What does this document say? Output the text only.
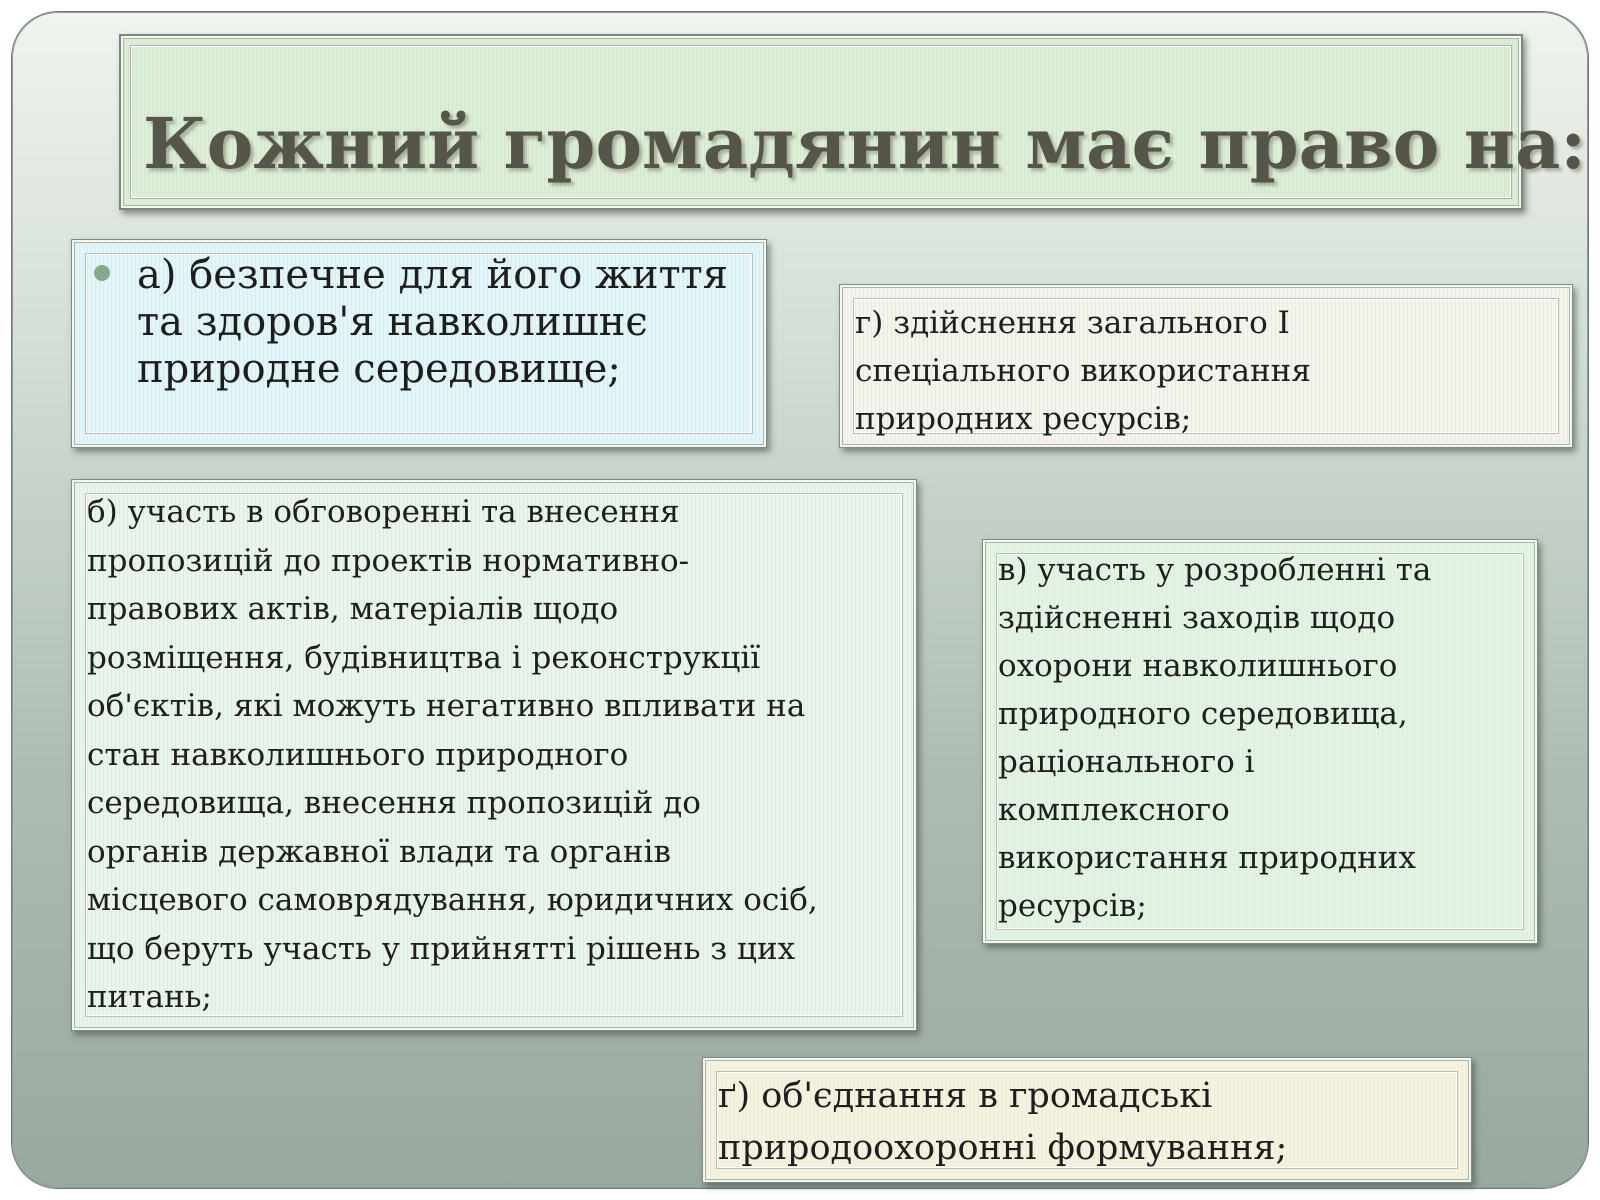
Кожний громадянин має право на:
а) безпечне для його життя
та здоров'я навколишнє
природне середовище;
г) здійснення загального І
спеціального використання
природних ресурсів;
б) участь в обговоренні та внесення
пропозицій до проектів нормативно-
правових актів, матеріалів щодо
розміщення, будівництва і реконструкції
об'єктів, які можуть негативно впливати на
стан навколишнього природного
середовища, внесення пропозицій до
органів державної влади та органів
місцевого самоврядування, юридичних осіб,
що беруть участь у прийнятті рішень з цих
питань;
в) участь у розробленні та
здійсненні заходів щодо
охорони навколишнього
природного середовища,
раціонального і
комплексного
використання природних
ресурсів;
ґ) об'єднання в громадські
природоохоронні формування;
